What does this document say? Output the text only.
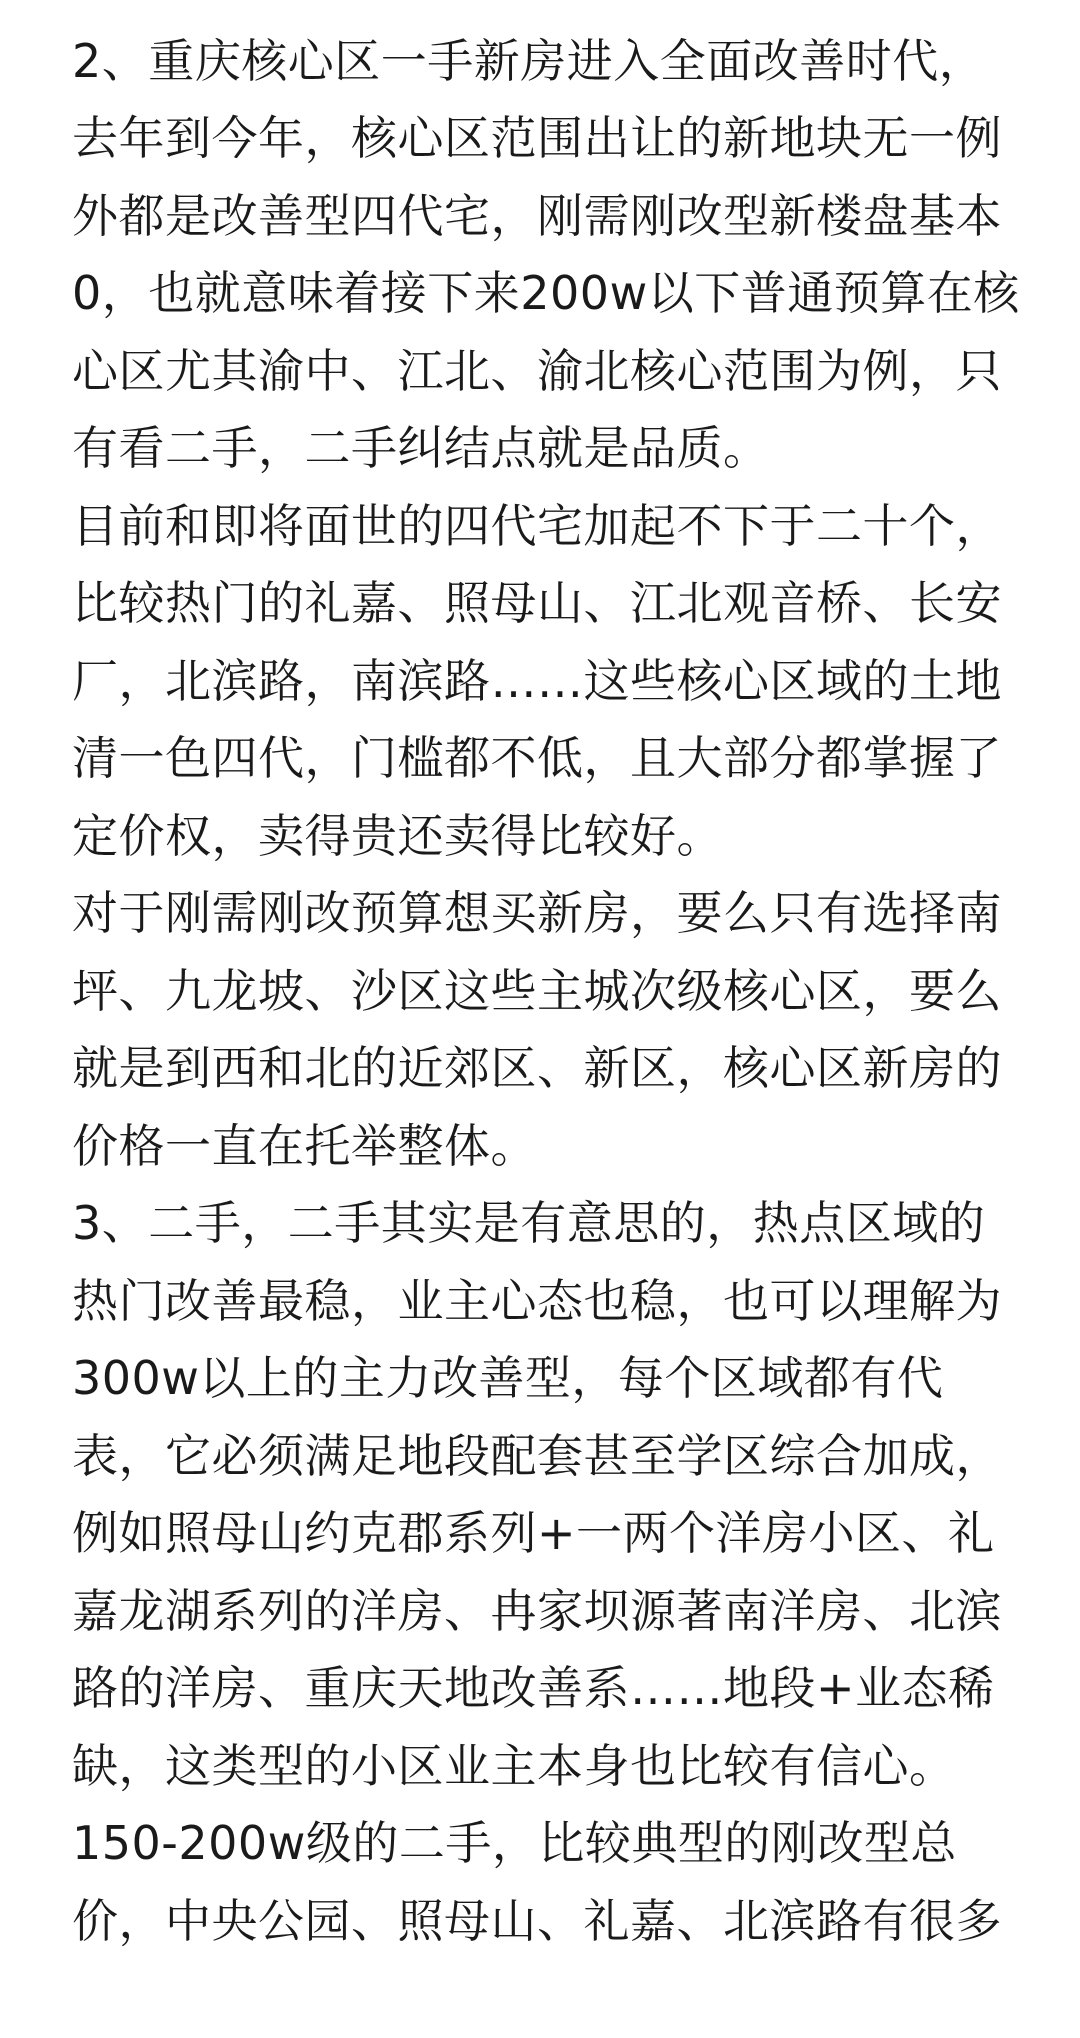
2、重庆核心区一手新房进入全面改善时代，
去年到今年，核心区范围出让的新地块无一例
外都是改善型四代宅，刚需刚改型新楼盘基本
0，也就意味着接下来200w以下普通预算在核
心区尤其渝中、江北、渝北核心范围为例，只
有看二手，二手纠结点就是品质。
目前和即将面世的四代宅加起不下于二十个，
比较热门的礼嘉、照母山、江北观音桥、长安
厂，北滨路，南滨路……这些核心区域的土地
清一色四代，门槛都不低，且大部分都掌握了
定价权，卖得贵还卖得比较好。
对于刚需刚改预算想买新房，要么只有选择南
坪、九龙坡、沙区这些主城次级核心区，要么
就是到西和北的近郊区、新区，核心区新房的
价格一直在托举整体。
3、二手，二手其实是有意思的，热点区域的
热门改善最稳，业主心态也稳，也可以理解为
300w以上的主力改善型，每个区域都有代
表，它必须满足地段配套甚至学区综合加成，
例如照母山约克郡系列+一两个洋房小区、礼
嘉龙湖系列的洋房、冉家坝源著南洋房、北滨
路的洋房、重庆天地改善系……地段+业态稀
缺，这类型的小区业主本身也比较有信心。
150-200w级的二手，比较典型的刚改型总
价，中央公园、照母山、礼嘉、北滨路有很多
